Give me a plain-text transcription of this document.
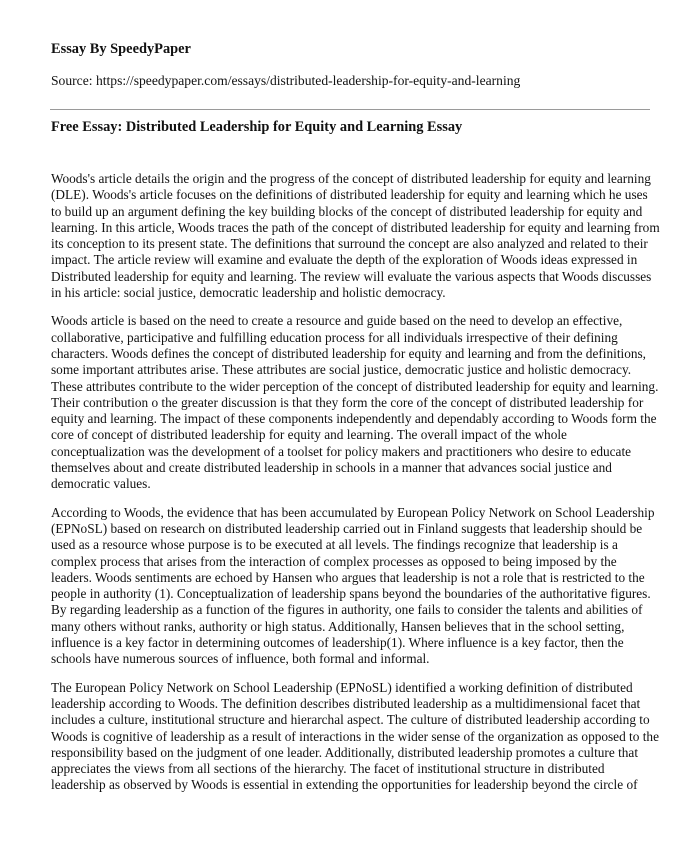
Essay By SpeedyPaper

Source: https://speedypaper.com/essays/distributed-leadership-for-equity-and-learning

Free Essay: Distributed Leadership for Equity and Learning Essay

Woods's article details the origin and the progress of the concept of distributed leadership for equity and learning (DLE). Woods's article focuses on the definitions of distributed leadership for equity and learning which he uses to build up an argument defining the key building blocks of the concept of distributed leadership for equity and learning. In this article, Woods traces the path of the concept of distributed leadership for equity and learning from its conception to its present state. The definitions that surround the concept are also analyzed and related to their impact. The article review will examine and evaluate the depth of the exploration of Woods ideas expressed in Distributed leadership for equity and learning. The review will evaluate the various aspects that Woods discusses in his article: social justice, democratic leadership and holistic democracy.

Woods article is based on the need to create a resource and guide based on the need to develop an effective, collaborative, participative and fulfilling education process for all individuals irrespective of their defining characters. Woods defines the concept of distributed leadership for equity and learning and from the definitions, some important attributes arise. These attributes are social justice, democratic justice and holistic democracy. These attributes contribute to the wider perception of the concept of distributed leadership for equity and learning. Their contribution o the greater discussion is that they form the core of the concept of distributed leadership for equity and learning. The impact of these components independently and dependably according to Woods form the core of concept of distributed leadership for equity and learning. The overall impact of the whole conceptualization was the development of a toolset for policy makers and practitioners who desire to educate themselves about and create distributed leadership in schools in a manner that advances social justice and democratic values.

According to Woods, the evidence that has been accumulated by European Policy Network on School Leadership (EPNoSL) based on research on distributed leadership carried out in Finland suggests that leadership should be used as a resource whose purpose is to be executed at all levels. The findings recognize that leadership is a complex process that arises from the interaction of complex processes as opposed to being imposed by the leaders. Woods sentiments are echoed by Hansen who argues that leadership is not a role that is restricted to the people in authority (1). Conceptualization of leadership spans beyond the boundaries of the authoritative figures. By regarding leadership as a function of the figures in authority, one fails to consider the talents and abilities of many others without ranks, authority or high status. Additionally, Hansen believes that in the school setting, influence is a key factor in determining outcomes of leadership(1). Where influence is a key factor, then the schools have numerous sources of influence, both formal and informal.

The European Policy Network on School Leadership (EPNoSL) identified a working definition of distributed leadership according to Woods. The definition describes distributed leadership as a multidimensional facet that includes a culture, institutional structure and hierarchal aspect. The culture of distributed leadership according to Woods is cognitive of leadership as a result of interactions in the wider sense of the organization as opposed to the responsibility based on the judgment of one leader. Additionally, distributed leadership promotes a culture that appreciates the views from all sections of the hierarchy. The facet of institutional structure in distributed leadership as observed by Woods is essential in extending the opportunities for leadership beyond the circle of
